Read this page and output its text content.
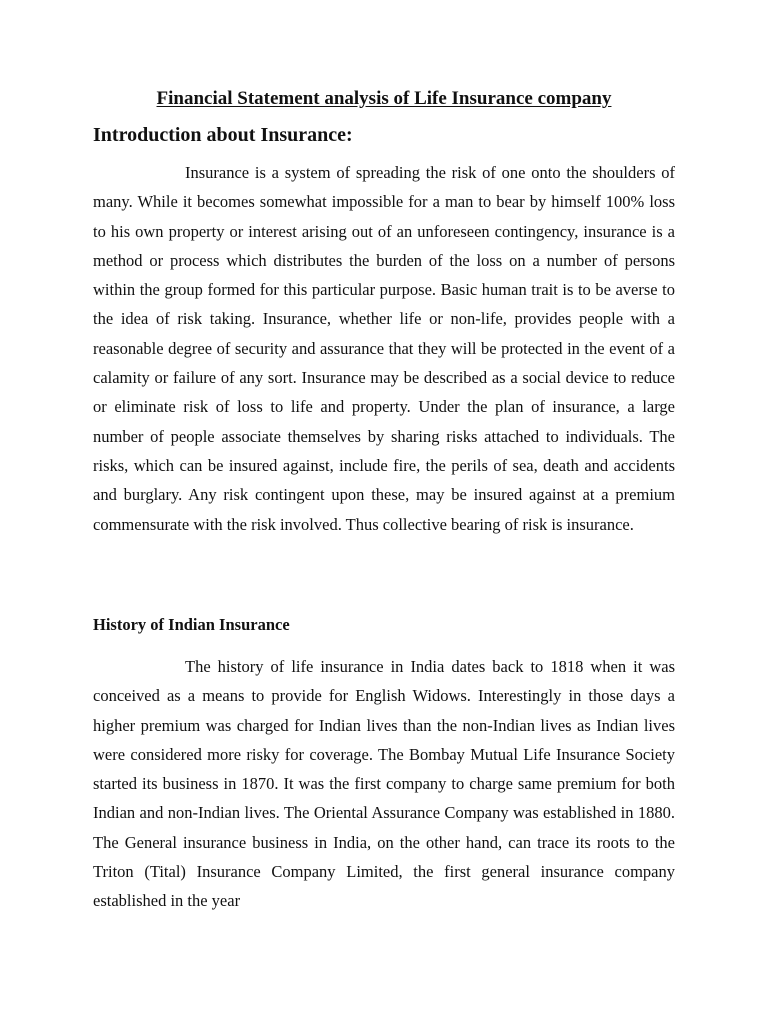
Financial Statement analysis of Life Insurance company
Introduction about Insurance:

Insurance is a system of spreading the risk of one onto the shoulders of many. While it becomes somewhat impossible for a man to bear by himself 100% loss to his own property or interest arising out of an unforeseen contingency, insurance is a method or process which distributes the burden of the loss on a number of persons within the group formed for this particular purpose. Basic human trait is to be averse to the idea of risk taking. Insurance, whether life or non-life, provides people with a reasonable degree of security and assurance that they will be protected in the event of a calamity or failure of any sort. Insurance may be described as a social device to reduce or eliminate risk of loss to life and property. Under the plan of insurance, a large number of people associate themselves by sharing risks attached to individuals. The risks, which can be insured against, include fire, the perils of sea, death and accidents and burglary. Any risk contingent upon these, may be insured against at a premium commensurate with the risk involved. Thus collective bearing of risk is insurance.

History of Indian Insurance

The history of life insurance in India dates back to 1818 when it was conceived as a means to provide for English Widows. Interestingly in those days a higher premium was charged for Indian lives than the non-Indian lives as Indian lives were considered more risky for coverage. The Bombay Mutual Life Insurance Society started its business in 1870. It was the first company to charge same premium for both Indian and non-Indian lives. The Oriental Assurance Company was established in 1880. The General insurance business in India, on the other hand, can trace its roots to the Triton (Tital) Insurance Company Limited, the first general insurance company established in the year
